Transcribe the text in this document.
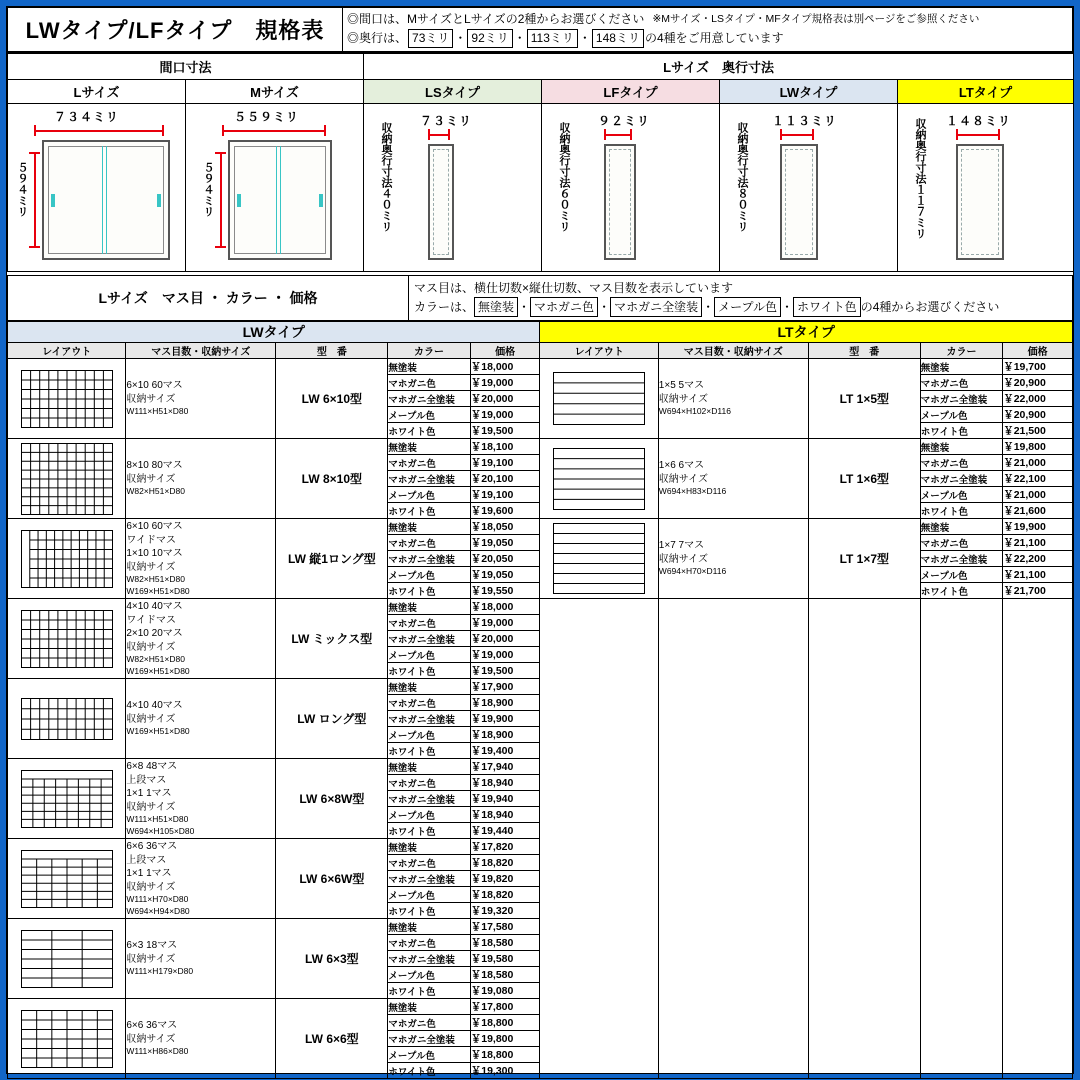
LWタイプ/LFタイプ　規格表	◎間口は、MサイズとLサイズの2種からお選びください ※Mサイズ・LSタイプ・MFタイプ規格表は別ページをご参照ください
◎奥行は、 73ミリ ・ 92ミリ ・ 113ミリ ・ 148ミリ の4種をご用意しています
間口寸法		Lサイズ　奥行寸法			
Lサイズ	Mサイズ	LSタイプ	LFタイプ	LWタイプ	LTタイプ

７３４ミリ
５９４ミリ

５５９ミリ
５９４ミリ	収納奥行寸法４０ミリ
７３ミリ

収納奥行寸法６０ミリ
９２ミリ

収納奥行寸法８０ミリ
１１３ミリ	収納奥行寸法１１７ミリ １４８ミリ
Lサイズ　マス目 ・ カラー ・ 価格	
マス目は、横仕切数×縦仕切数、マス目数を表示しています
カラーは、 無塗装 ・ マホガニ色 ・ マホガニ全塗装 ・ メープル色 ・ ホワイト色 の4種からお選びください
LWタイプ					LTタイプ				
レイアウト	マス目数・収納サイズ	型　番	カラー	価格	レイアウト	マス目数・収納サイズ	型　番	カラー	価格

6×10 60マス
収納サイズ
W111×H51×D80
	LW 6×10型	無塗装	￥18,000	

1×5 5マス
収納サイズ
W694×H102×D116
	LT 1×5型	無塗装	￥19,700
			マホガニ色	￥19,000				マホガニ色	￥20,900
			マホガニ全塗装	￥20,000				マホガニ全塗装	￥22,000
			メープル色	￥19,000				メープル色	￥20,900
			ホワイト色	￥19,500				ホワイト色	￥21,500

8×10 80マス
収納サイズ
W82×H51×D80
	LW 8×10型	無塗装	￥18,100	

1×6 6マス
収納サイズ
W694×H83×D116
	LT 1×6型	無塗装	￥19,800
			マホガニ色	￥19,100				マホガニ色	￥21,000
			マホガニ全塗装	￥20,100				マホガニ全塗装	￥22,100
			メープル色	￥19,100				メープル色	￥21,000
			ホワイト色	￥19,600				ホワイト色	￥21,600

6×10 60マス
ワイドマス
1×10 10マス
収納サイズ
W82×H51×D80
W169×H51×D80
	LW 縦1ロング型	無塗装	￥18,050	

1×7 7マス
収納サイズ
W694×H70×D116
	LT 1×7型	無塗装	￥19,900
			マホガニ色	￥19,050				マホガニ色	￥21,100
			マホガニ全塗装	￥20,050				マホガニ全塗装	￥22,200
			メープル色	￥19,050				メープル色	￥21,100
			ホワイト色	￥19,550				ホワイト色	￥21,700

4×10 40マス
ワイドマス
2×10 20マス
収納サイズ
W82×H51×D80
W169×H51×D80
	LW ミックス型	無塗装	￥18,000					
			マホガニ色	￥19,000					
			マホガニ全塗装	￥20,000					
			メープル色	￥19,000					
			ホワイト色	￥19,500					

4×10 40マス
収納サイズ
W169×H51×D80	LW ロング型	無塗装	￥17,900					
			マホガニ色	￥18,900					
			マホガニ全塗装	￥19,900					
			メープル色	￥18,900					
			ホワイト色	￥19,400					

6×8 48マス
上段マス
1×1 1マス
収納サイズ
W111×H51×D80
W694×H105×D80
	LW 6×8W型	無塗装	￥17,940
			マホガニ色	￥18,940					
			マホガニ全塗装	￥19,940					
			メープル色	￥18,940					
			ホワイト色	￥19,440					

6×6 36マス
上段マス
1×1 1マス
収納サイズ
W111×H70×D80
W694×H94×D80
	LW 6×6W型	無塗装	￥17,820
			マホガニ色	￥18,820					
			マホガニ全塗装	￥19,820					
			メープル色	￥18,820					
			ホワイト色	￥19,320					

6×3 18マス
収納サイズ
W111×H179×D80	LW 6×3型	無塗装	￥17,580					
			マホガニ色	￥18,580					
			マホガニ全塗装	￥19,580					
			メープル色	￥18,580					
			ホワイト色	￥19,080					

6×6 36マス
収納サイズ
W111×H86×D80	LW 6×6型	無塗装	￥17,800					
			マホガニ色	￥18,800					
			マホガニ全塗装	￥19,800					
			メープル色	￥18,800					
			ホワイト色	￥19,300					
